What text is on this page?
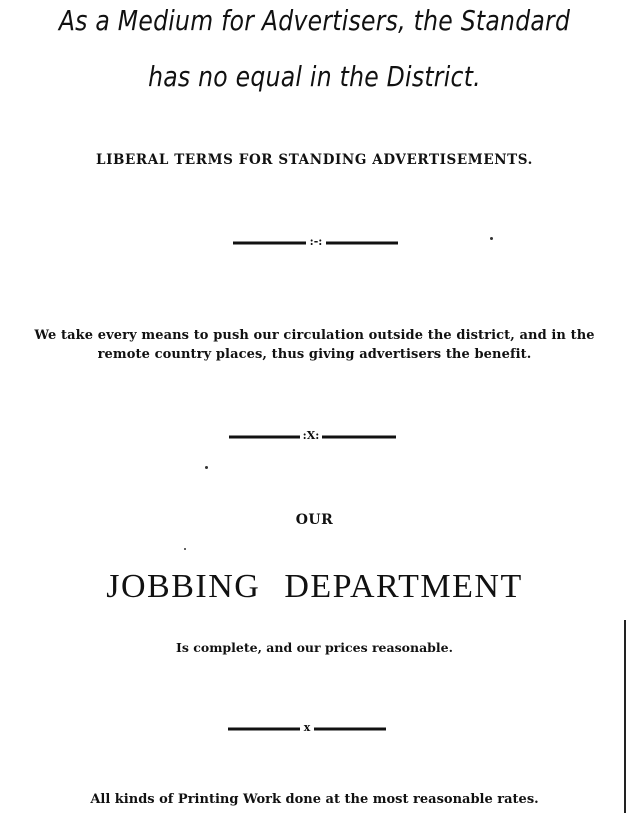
As a Medium for Advertisers, the Standard
has no equal in the District.
LIBERAL TERMS FOR STANDING ADVERTISEMENTS.
:-:
We take every means to push our circulation outside the district, and in the
remote country places, thus giving advertisers the benefit.
:X:
OUR
JOBBING DEPARTMENT
Is complete, and our prices reasonable.
x
All kinds of Printing Work done at the most reasonable rates.
